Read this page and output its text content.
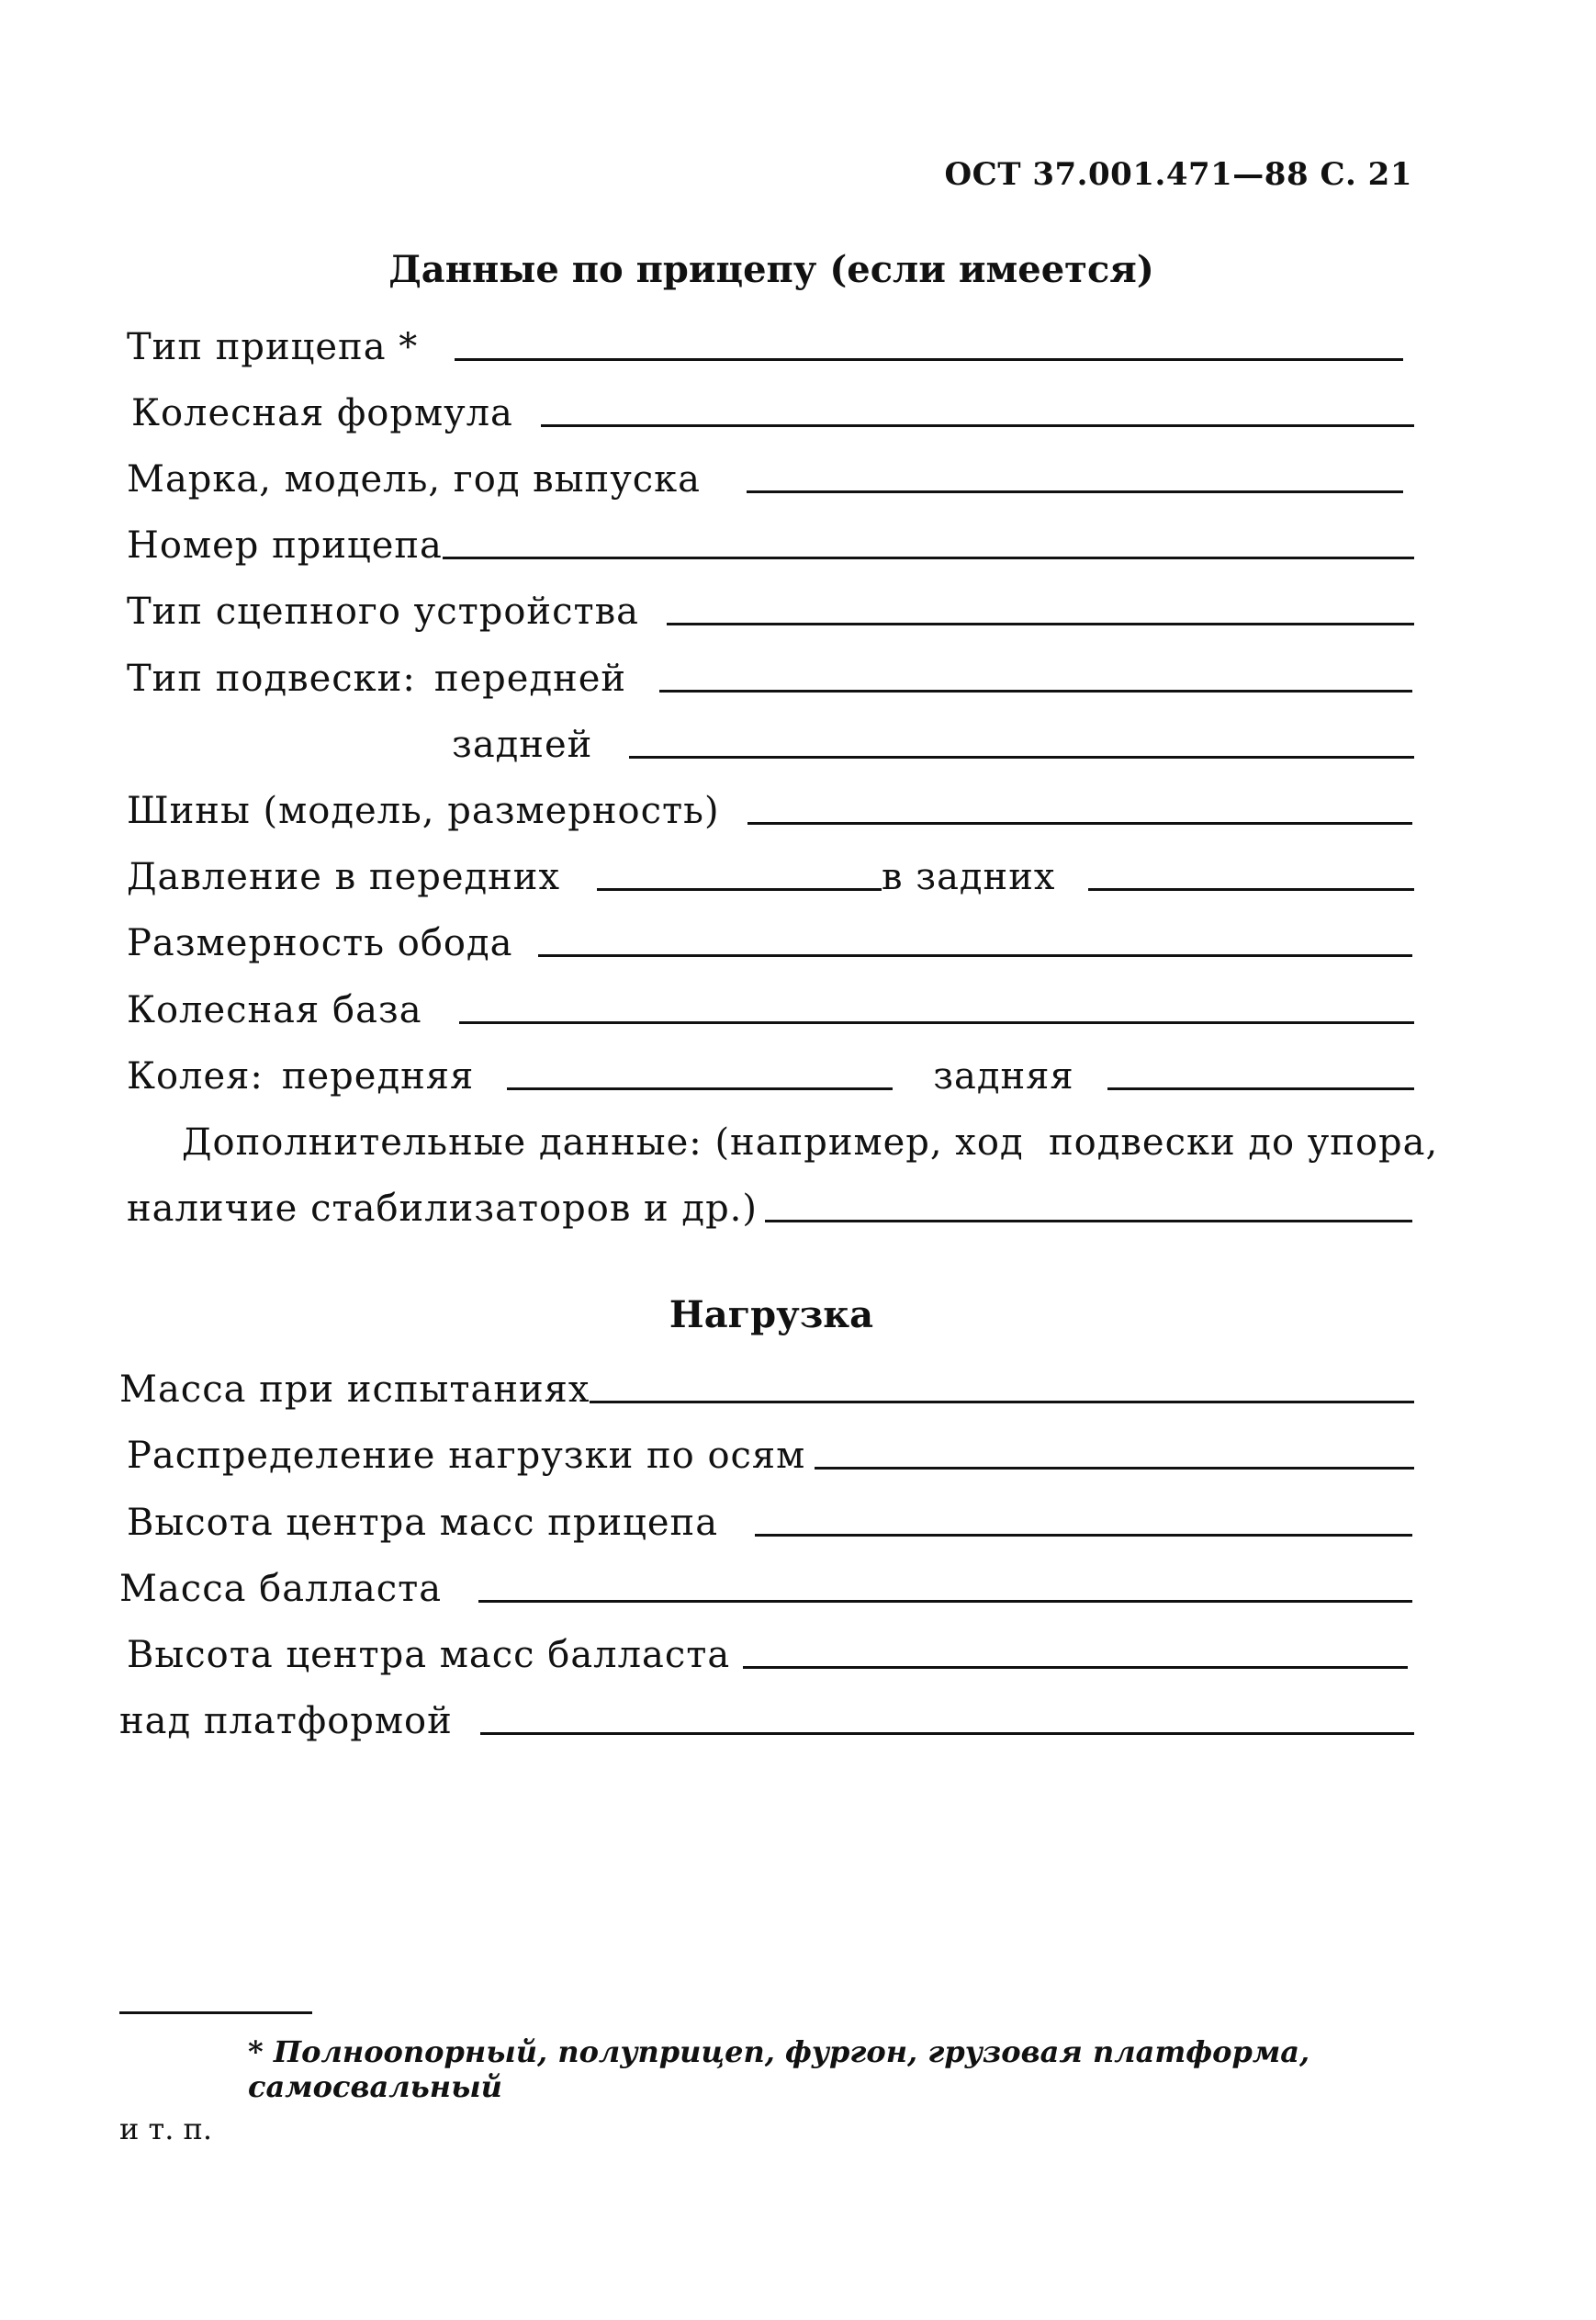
ОСТ 37.001.471—88 С. 21
Данные по прицепу (если имеется)
Тип прицепа *
Колесная формула
Марка, модель, год выпуска
Номер прицепа
Тип сцепного устройства
Тип подвески: передней
задней
Шины (модель, размерность)
Давление в передних	в задних
Размерность обода
Колесная база
Колея: передняя	задняя
Дополнительные данные: (например, ход  подвески до упора,
наличие стабилизаторов и др.)
Нагрузка
Масса при испытаниях
Распределение нагрузки по осям
Высота центра масс прицепа
Масса балласта
Высота центра масс балласта
над платформой
* Полноопорный, полуприцеп, фургон, грузовая платформа, самосвальный
и т. п.
